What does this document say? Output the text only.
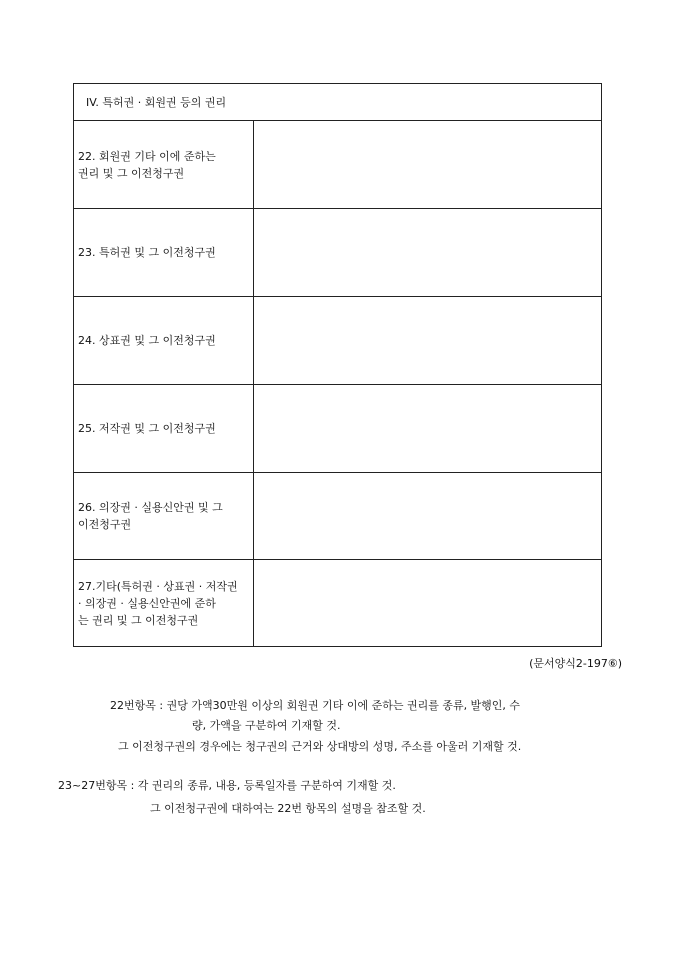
IV. 특허권 · 회원권 등의 권리
22. 회원권 기타 이에 준하는
권리 및 그 이전청구권
23. 특허권 및 그 이전청구권
24. 상표권 및 그 이전청구권
25. 저작권 및 그 이전청구권
26. 의장권 · 실용신안권 및 그
이전청구권
27.기타(특허권 · 상표권 · 저작권
· 의장권 · 실용신안권에 준하
는 권리 및 그 이전청구권
(문서양식2-197⑥)
22번항목 : 권당 가액30만원 이상의 회원권 기타 이에 준하는 권리를 종류, 발행인, 수
량, 가액을 구분하여 기재할 것.
그 이전청구권의 경우에는 청구권의 근거와 상대방의 성명, 주소를 아울러 기재할 것.
23~27번항목 : 각 권리의 종류, 내용, 등록일자를 구분하여 기재할 것.
그 이전청구권에 대하여는 22번 항목의 설명을 참조할 것.
